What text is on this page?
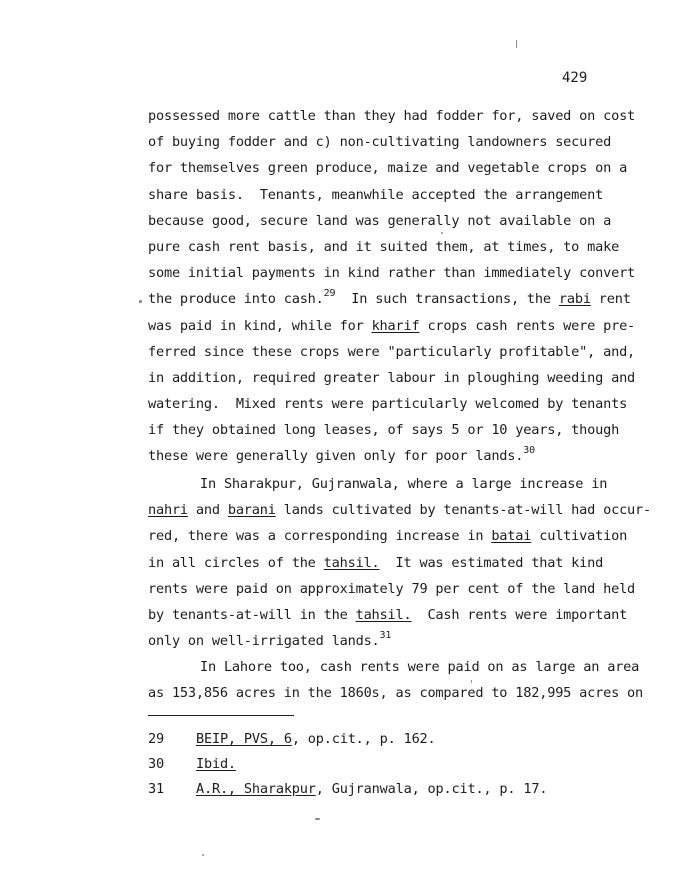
429
possessed more cattle than they had fodder for, saved on cost
of buying fodder and c) non-cultivating landowners secured
for themselves green produce, maize and vegetable crops on a
share basis.  Tenants, meanwhile accepted the arrangement
because good, secure land was generally not available on a
pure cash rent basis, and it suited them, at times, to make
some initial payments in kind rather than immediately convert
the produce into cash.$^{29}$  In such transactions, the rabi rent
was paid in kind, while for kharif crops cash rents were pre-
ferred since these crops were "particularly profitable", and,
in addition, required greater labour in ploughing weeding and
watering.  Mixed rents were particularly welcomed by tenants
if they obtained long leases, of says 5 or 10 years, though
these were generally given only for poor lands.$^{30}$
In Sharakpur, Gujranwala, where a large increase in
nahri and barani lands cultivated by tenants-at-will had occur-
red, there was a corresponding increase in batai cultivation
in all circles of the tahsil.  It was estimated that kind
rents were paid on approximately 79 per cent of the land held
by tenants-at-will in the tahsil.  Cash rents were important
only on well-irrigated lands.$^{31}$
In Lahore too, cash rents were paid on as large an area
as 153,856 acres in the 1860s, as compared to 182,995 acres on
29 BEIP, PVS, 6, op.cit., p. 162.
30 Ibid.
31 A.R., Sharakpur, Gujranwala, op.cit., p. 17.
